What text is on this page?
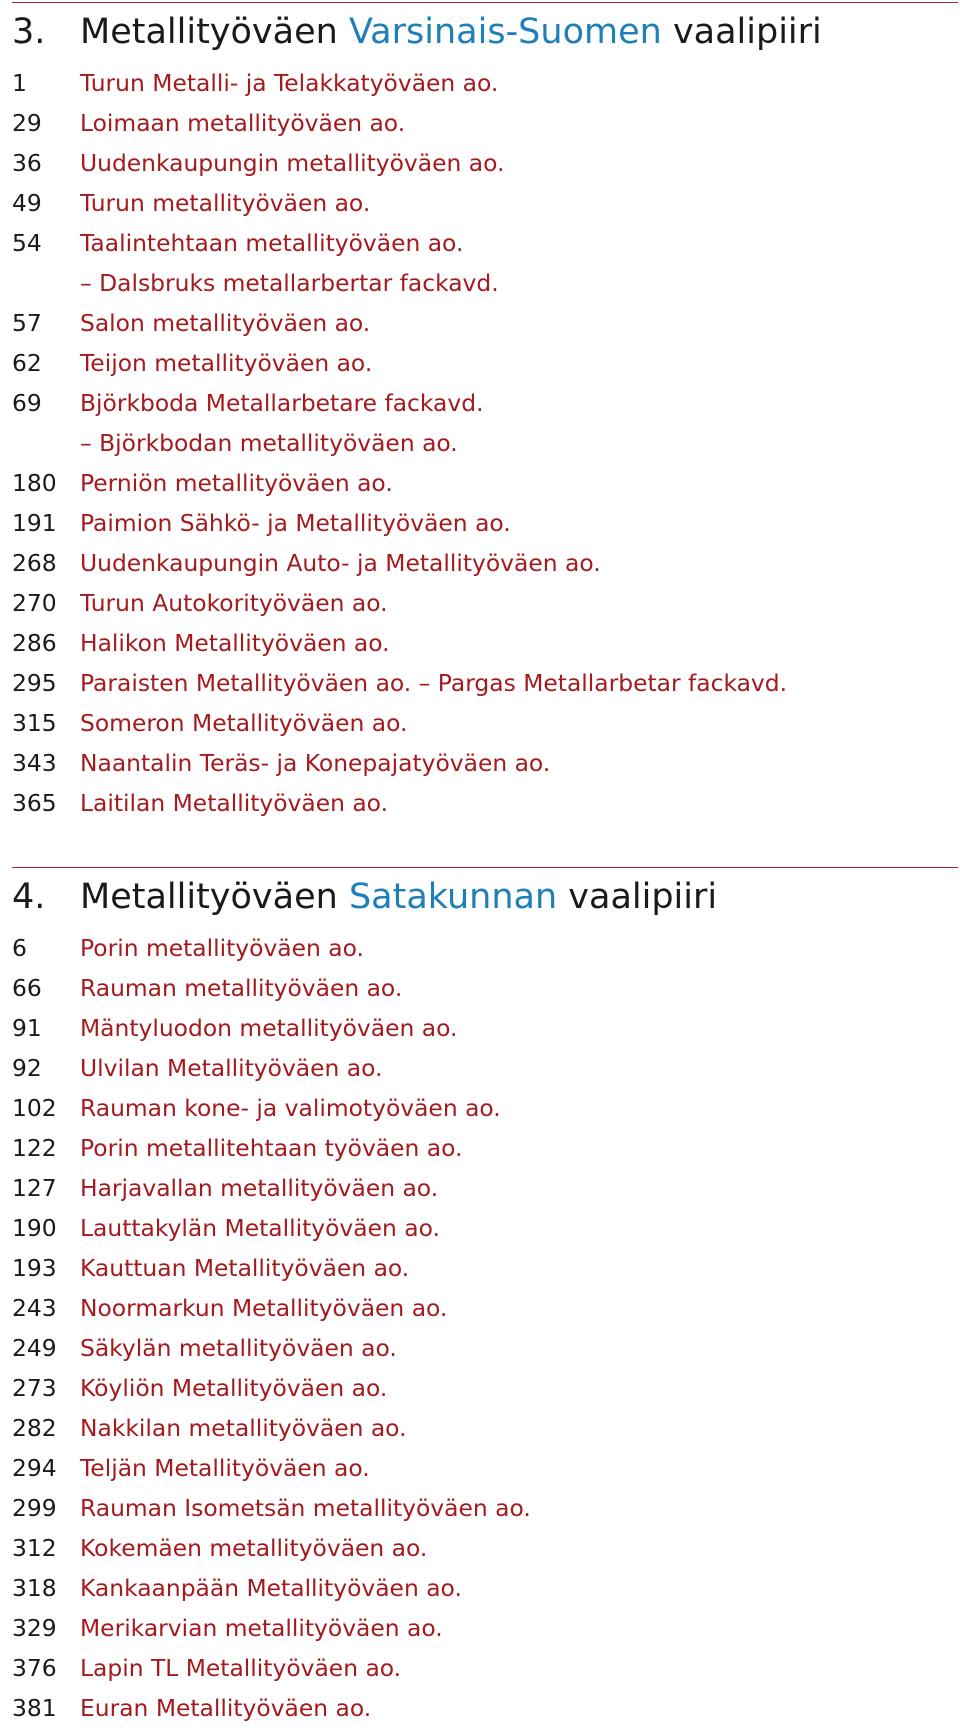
3. Metallityöväen Varsinais-Suomen vaalipiiri
1	Turun Metalli- ja Telakkatyöväen ao.
29	Loimaan metallityöväen ao.
36	Uudenkaupungin metallityöväen ao.
49	Turun metallityöväen ao.
54	Taalintehtaan metallityöväen ao.
– Dalsbruks metallarbertar fackavd.
57	Salon metallityöväen ao.
62	Teijon metallityöväen ao.
69	Björkboda Metallarbetare fackavd.
– Björkbodan metallityöväen ao.
180 Perniön metallityöväen ao.
191 Paimion Sähkö- ja Metallityöväen ao.
268 Uudenkaupungin Auto- ja Metallityöväen ao.
270 Turun Autokorityöväen ao.
286 Halikon Metallityöväen ao.
295 Paraisten Metallityöväen ao. – Pargas Metallarbetar fackavd.
315 Someron Metallityöväen ao.
343 Naantalin Teräs- ja Konepajatyöväen ao.
365 Laitilan Metallityöväen ao.
4. Metallityöväen Satakunnan vaalipiiri
6	Porin metallityöväen ao.
66	Rauman metallityöväen ao.
91	Mäntyluodon metallityöväen ao.
92	Ulvilan Metallityöväen ao.
102 Rauman kone- ja valimotyöväen ao.
122 Porin metallitehtaan työväen ao.
127 Harjavallan metallityöväen ao.
190 Lauttakylän Metallityöväen ao.
193 Kauttuan Metallityöväen ao.
243 Noormarkun Metallityöväen ao.
249 Säkylän metallityöväen ao.
273 Köyliön Metallityöväen ao.
282 Nakkilan metallityöväen ao.
294 Teljän Metallityöväen ao.
299 Rauman Isometsän metallityöväen ao.
312 Kokemäen metallityöväen ao.
318 Kankaanpään Metallityöväen ao.
329 Merikarvian metallityöväen ao.
376 Lapin TL Metallityöväen ao.
381 Euran Metallityöväen ao.
